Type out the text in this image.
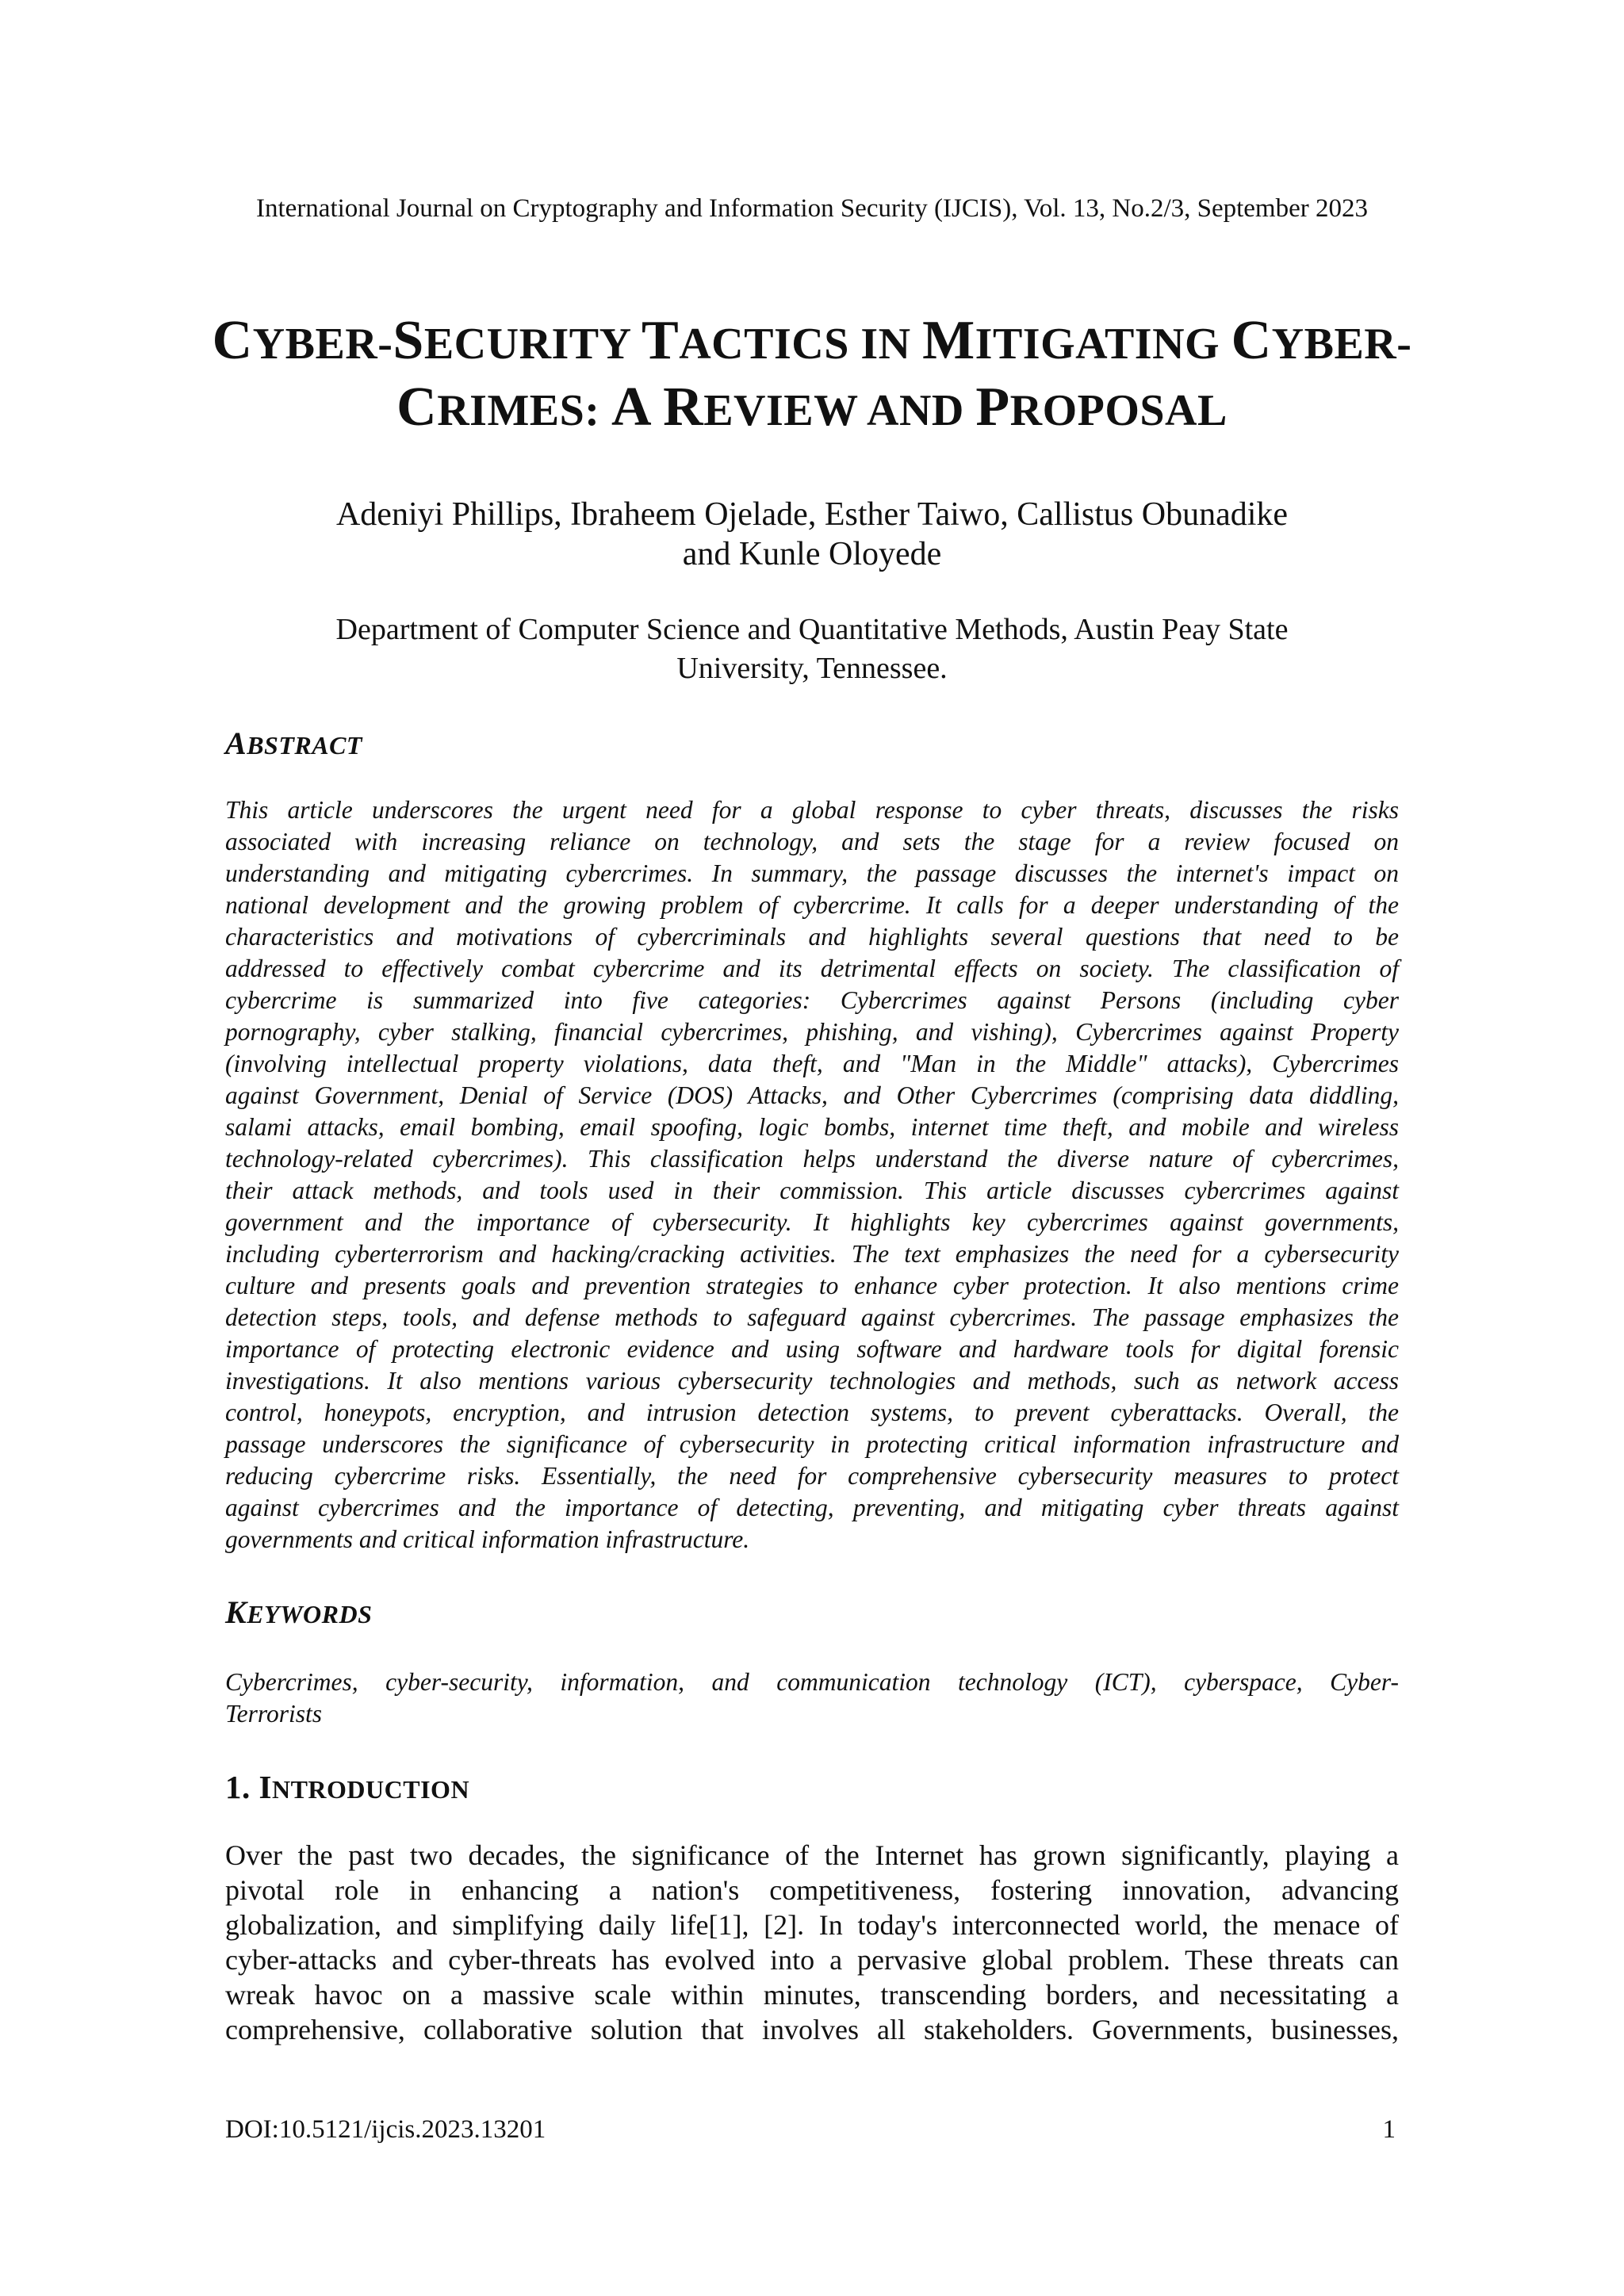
International Journal on Cryptography and Information Security (IJCIS), Vol. 13, No.2/3, September 2023
CYBER-SECURITY TACTICS IN MITIGATING CYBER-
CRIMES: A REVIEW AND PROPOSAL
Adeniyi Phillips, Ibraheem Ojelade, Esther Taiwo, Callistus Obunadike
and Kunle Oloyede
Department of Computer Science and Quantitative Methods, Austin Peay State
University, Tennessee.
ABSTRACT
This article underscores the urgent need for a global response to cyber threats, discusses the risks
associated with increasing reliance on technology, and sets the stage for a review focused on
understanding and mitigating cybercrimes. In summary, the passage discusses the internet's impact on
national development and the growing problem of cybercrime. It calls for a deeper understanding of the
characteristics and motivations of cybercriminals and highlights several questions that need to be
addressed to effectively combat cybercrime and its detrimental effects on society. The classification of
cybercrime is summarized into five categories: Cybercrimes against Persons (including cyber
pornography, cyber stalking, financial cybercrimes, phishing, and vishing), Cybercrimes against Property
(involving intellectual property violations, data theft, and "Man in the Middle" attacks), Cybercrimes
against Government, Denial of Service (DOS) Attacks, and Other Cybercrimes (comprising data diddling,
salami attacks, email bombing, email spoofing, logic bombs, internet time theft, and mobile and wireless
technology-related cybercrimes). This classification helps understand the diverse nature of cybercrimes,
their attack methods, and tools used in their commission. This article discusses cybercrimes against
government and the importance of cybersecurity. It highlights key cybercrimes against governments,
including cyberterrorism and hacking/cracking activities. The text emphasizes the need for a cybersecurity
culture and presents goals and prevention strategies to enhance cyber protection. It also mentions crime
detection steps, tools, and defense methods to safeguard against cybercrimes. The passage emphasizes the
importance of protecting electronic evidence and using software and hardware tools for digital forensic
investigations. It also mentions various cybersecurity technologies and methods, such as network access
control, honeypots, encryption, and intrusion detection systems, to prevent cyberattacks. Overall, the
passage underscores the significance of cybersecurity in protecting critical information infrastructure and
reducing cybercrime risks. Essentially, the need for comprehensive cybersecurity measures to protect
against cybercrimes and the importance of detecting, preventing, and mitigating cyber threats against
governments and critical information infrastructure.
KEYWORDS
Cybercrimes, cyber-security, information, and communication technology (ICT), cyberspace, Cyber-
Terrorists
1. INTRODUCTION
Over the past two decades, the significance of the Internet has grown significantly, playing a
pivotal role in enhancing a nation's competitiveness, fostering innovation, advancing
globalization, and simplifying daily life[1], [2]. In today's interconnected world, the menace of
cyber-attacks and cyber-threats has evolved into a pervasive global problem. These threats can
wreak havoc on a massive scale within minutes, transcending borders, and necessitating a
comprehensive, collaborative solution that involves all stakeholders. Governments, businesses,
DOI:10.5121/ijcis.2023.13201	1
